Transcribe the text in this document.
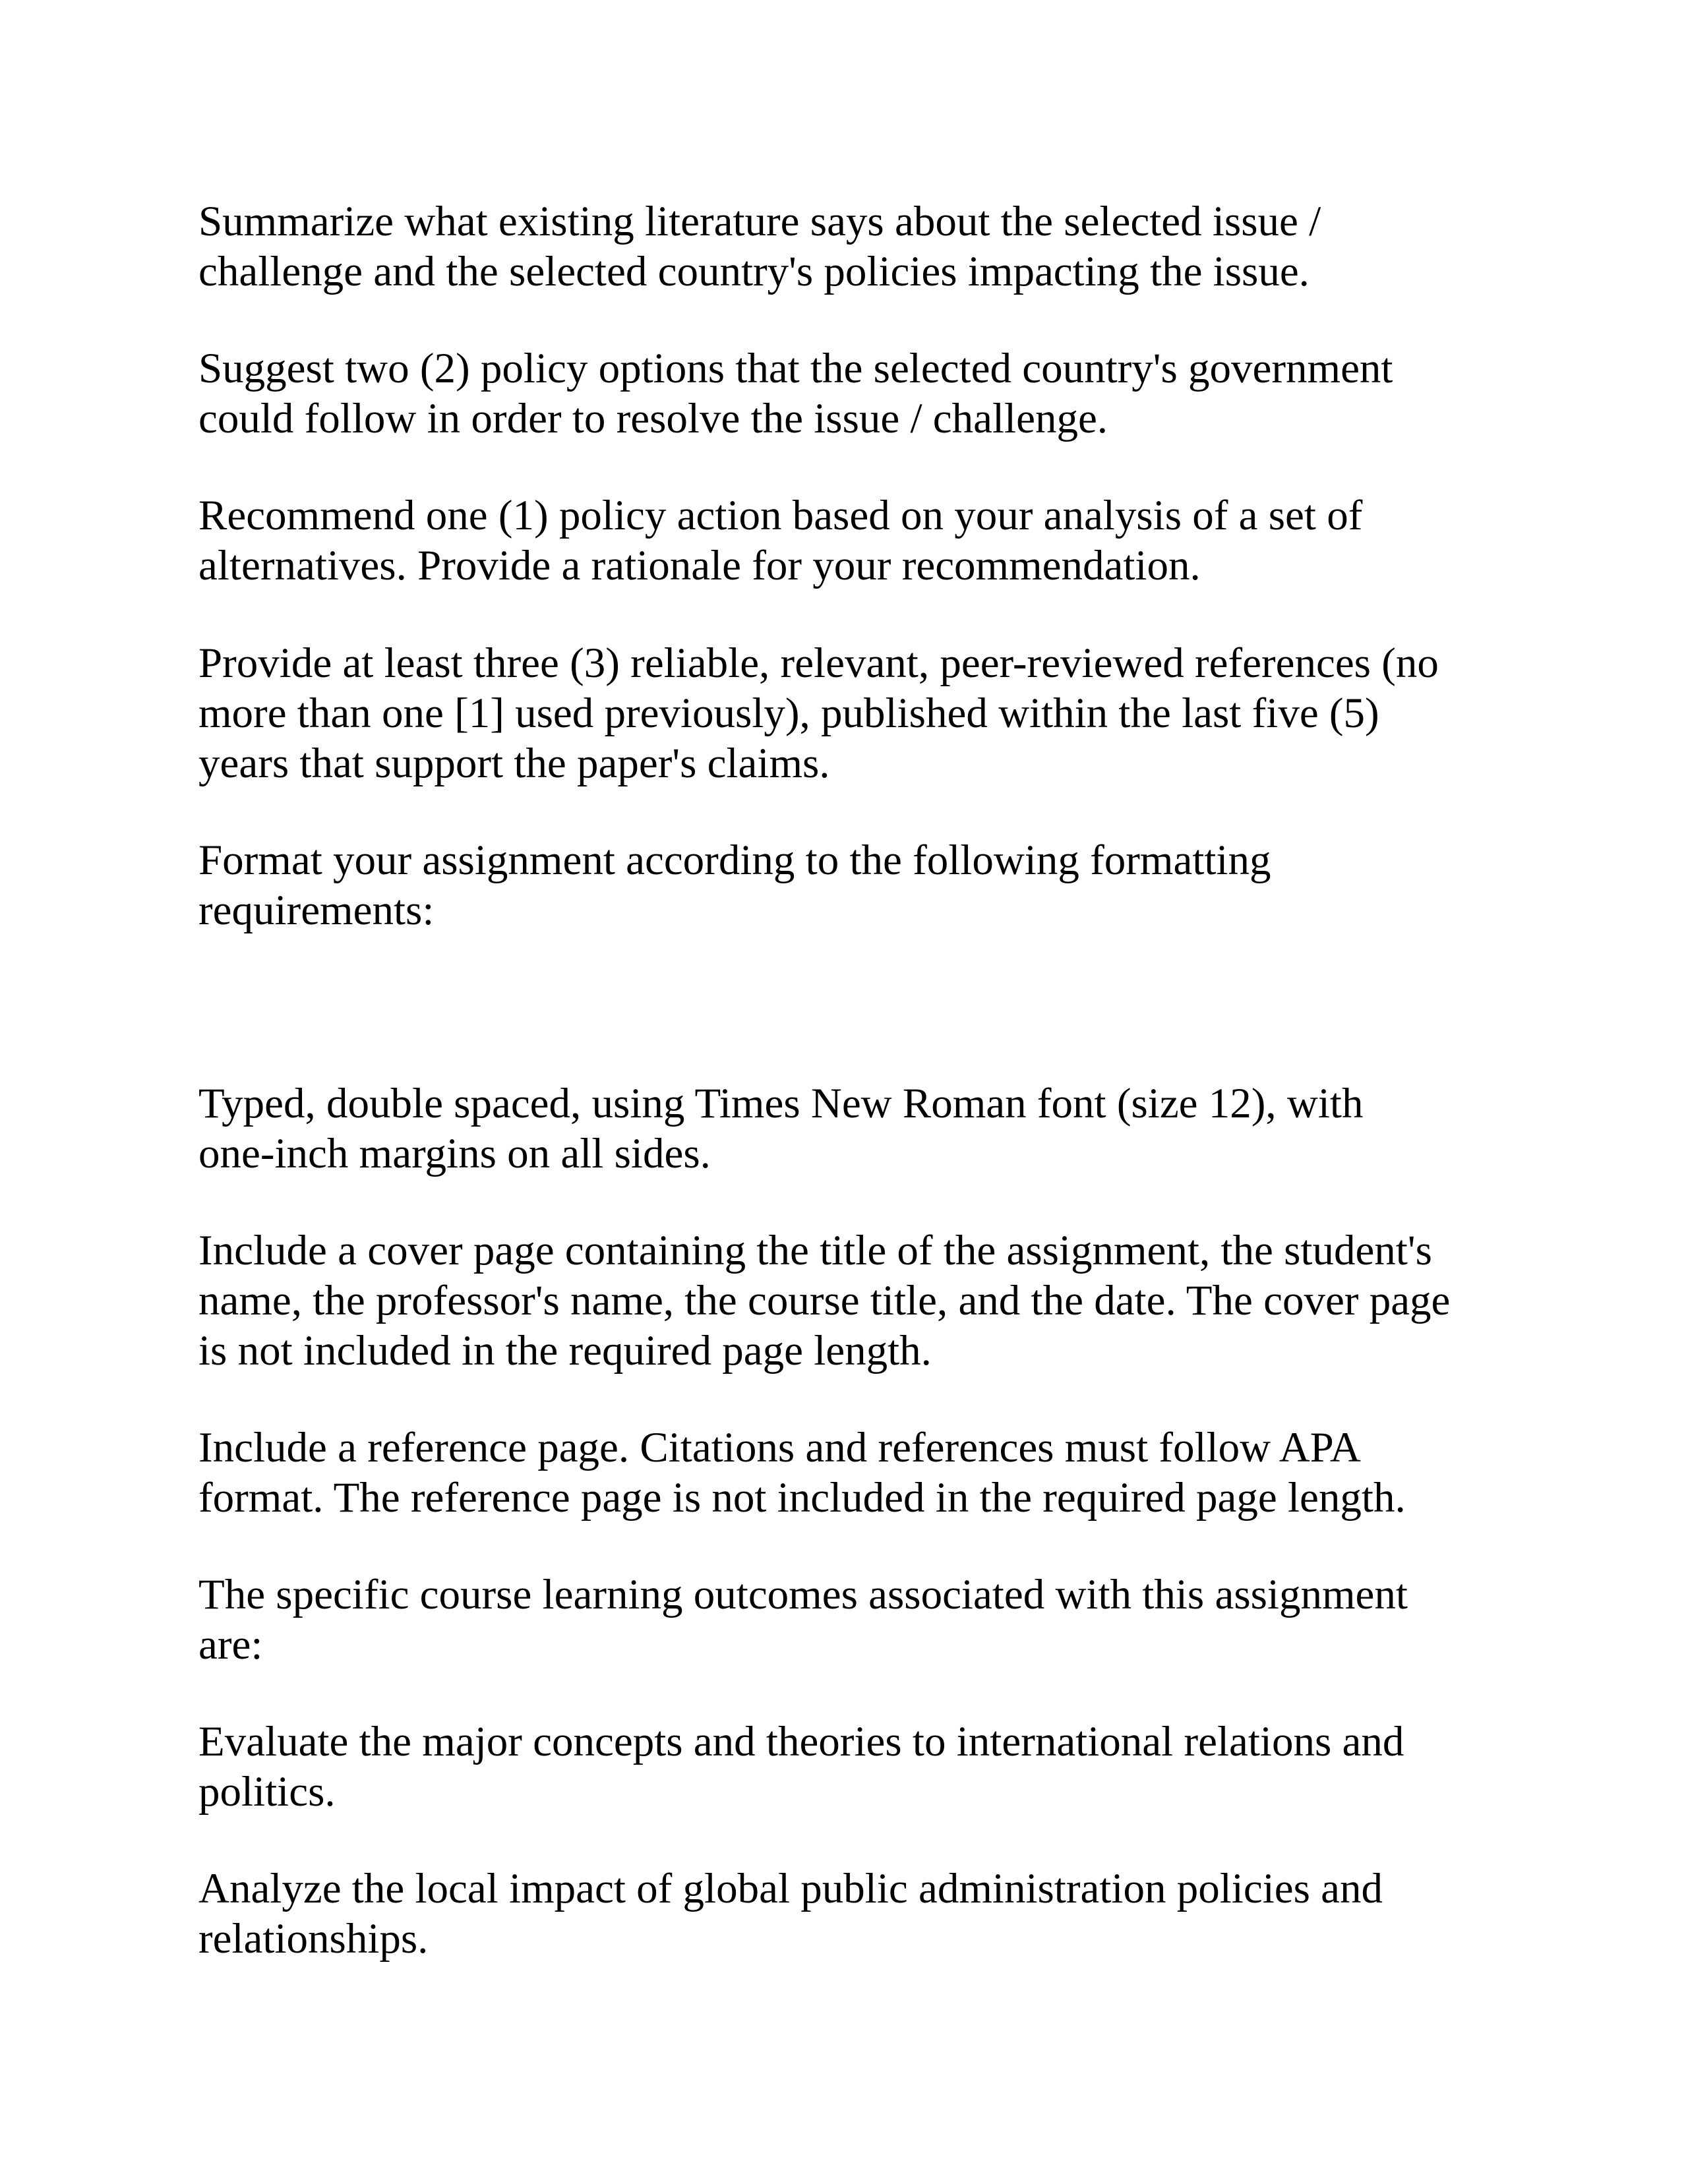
Summarize what existing literature says about the selected issue /
challenge and the selected country's policies impacting the issue.

Suggest two (2) policy options that the selected country's government
could follow in order to resolve the issue / challenge.

Recommend one (1) policy action based on your analysis of a set of
alternatives. Provide a rationale for your recommendation.

Provide at least three (3) reliable, relevant, peer-reviewed references (no
more than one [1] used previously), published within the last five (5)
years that support the paper's claims.

Format your assignment according to the following formatting
requirements:

Typed, double spaced, using Times New Roman font (size 12), with
one-inch margins on all sides.

Include a cover page containing the title of the assignment, the student's
name, the professor's name, the course title, and the date. The cover page
is not included in the required page length.

Include a reference page. Citations and references must follow APA
format. The reference page is not included in the required page length.

The specific course learning outcomes associated with this assignment
are:

Evaluate the major concepts and theories to international relations and
politics.

Analyze the local impact of global public administration policies and
relationships.
